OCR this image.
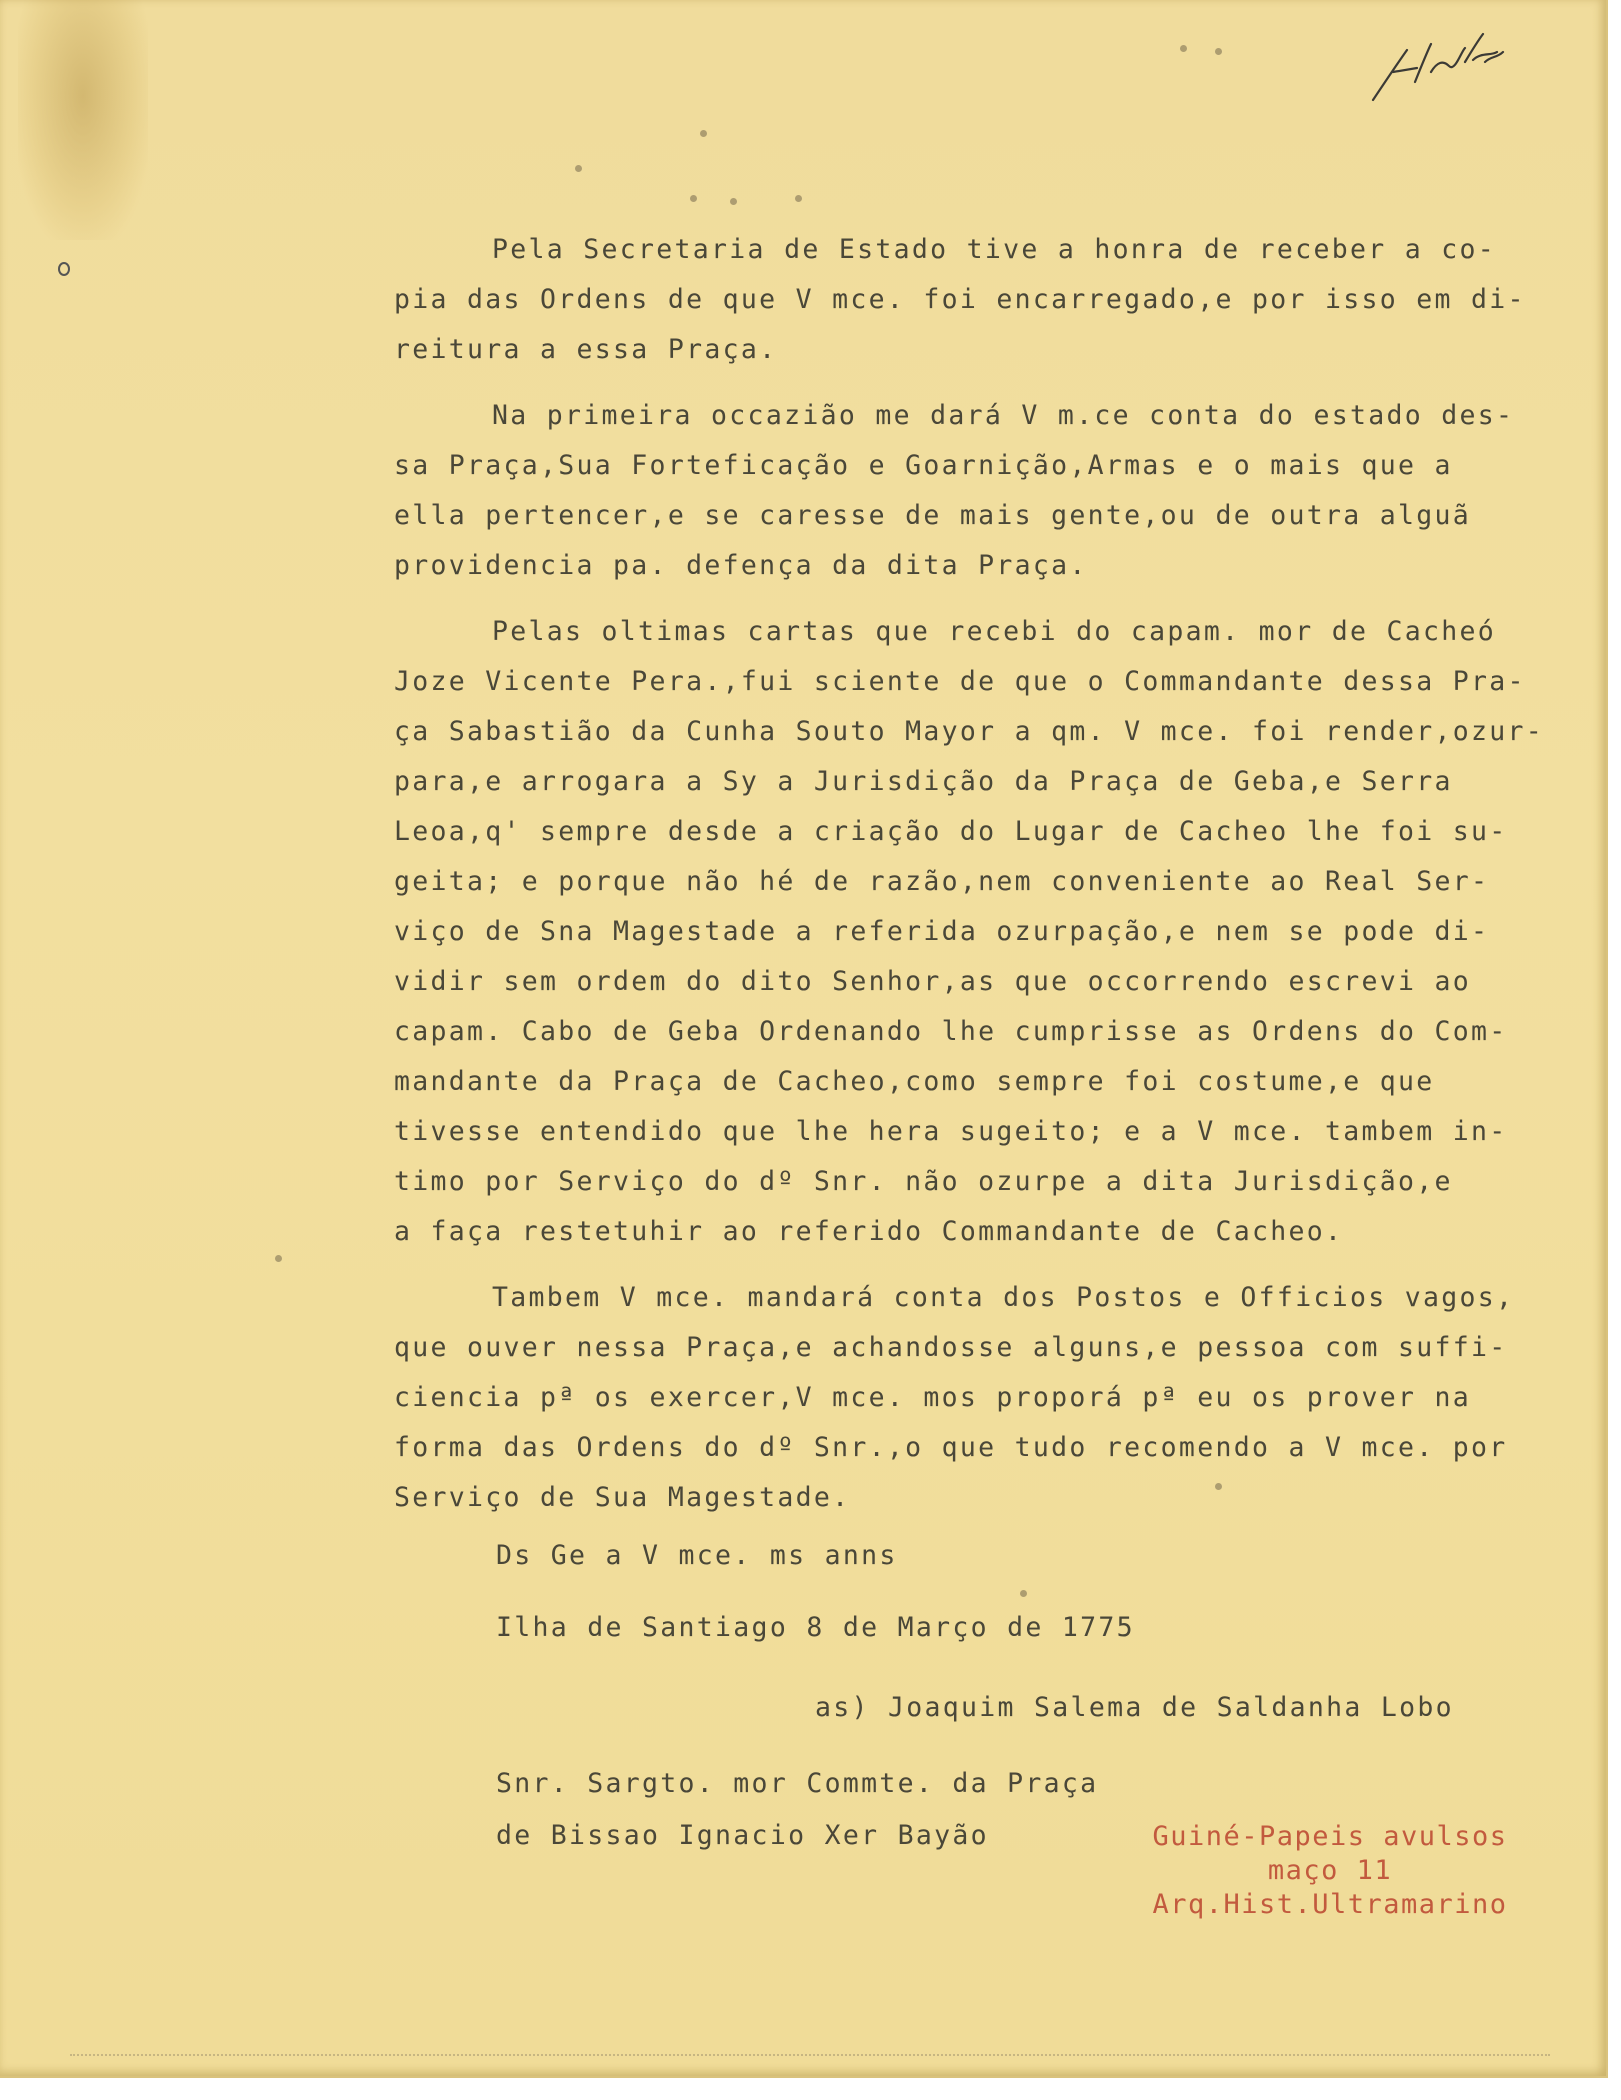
Pela Secretaria de Estado tive a honra de receber a co-
pia das Ordens de que V mce. foi encarregado,e por isso em di-
reitura a essa Praça.
Na primeira occazião me dará V m.ce conta do estado des-
sa Praça,Sua Forteficação e Goarnição,Armas e o mais que a
ella pertencer,e se caresse de mais gente,ou de outra alguã
providencia pa. defença da dita Praça.
Pelas oltimas cartas que recebi do capam. mor de Cacheó
Joze Vicente Pera.,fui sciente de que o Commandante dessa Pra-
ça Sabastião da Cunha Souto Mayor a qm. V mce. foi render,ozur-
para,e arrogara a Sy a Jurisdição da Praça de Geba,e Serra
Leoa,q' sempre desde a criação do Lugar de Cacheo lhe foi su-
geita; e porque não hé de razão,nem conveniente ao Real Ser-
viço de Sna Magestade a referida ozurpação,e nem se pode di-
vidir sem ordem do dito Senhor,as que occorrendo escrevi ao
capam. Cabo de Geba Ordenando lhe cumprisse as Ordens do Com-
mandante da Praça de Cacheo,como sempre foi costume,e que
tivesse entendido que lhe hera sugeito; e a V mce. tambem in-
timo por Serviço do dº Snr. não ozurpe a dita Jurisdição,e
a faça restetuhir ao referido Commandante de Cacheo.
Tambem V mce. mandará conta dos Postos e Officios vagos,
que ouver nessa Praça,e achandosse alguns,e pessoa com suffi-
ciencia pª os exercer,V mce. mos proporá pª eu os prover na
forma das Ordens do dº Snr.,o que tudo recomendo a V mce. por
Serviço de Sua Magestade.
Ds Ge a V mce. ms anns
Ilha de Santiago 8 de Março de 1775
as) Joaquim Salema de Saldanha Lobo
Snr. Sargto. mor Commte. da Praça
de Bissao Ignacio Xer Bayão	Guiné-Papeis avulsos
maço 11
Arq.Hist.Ultramarino
